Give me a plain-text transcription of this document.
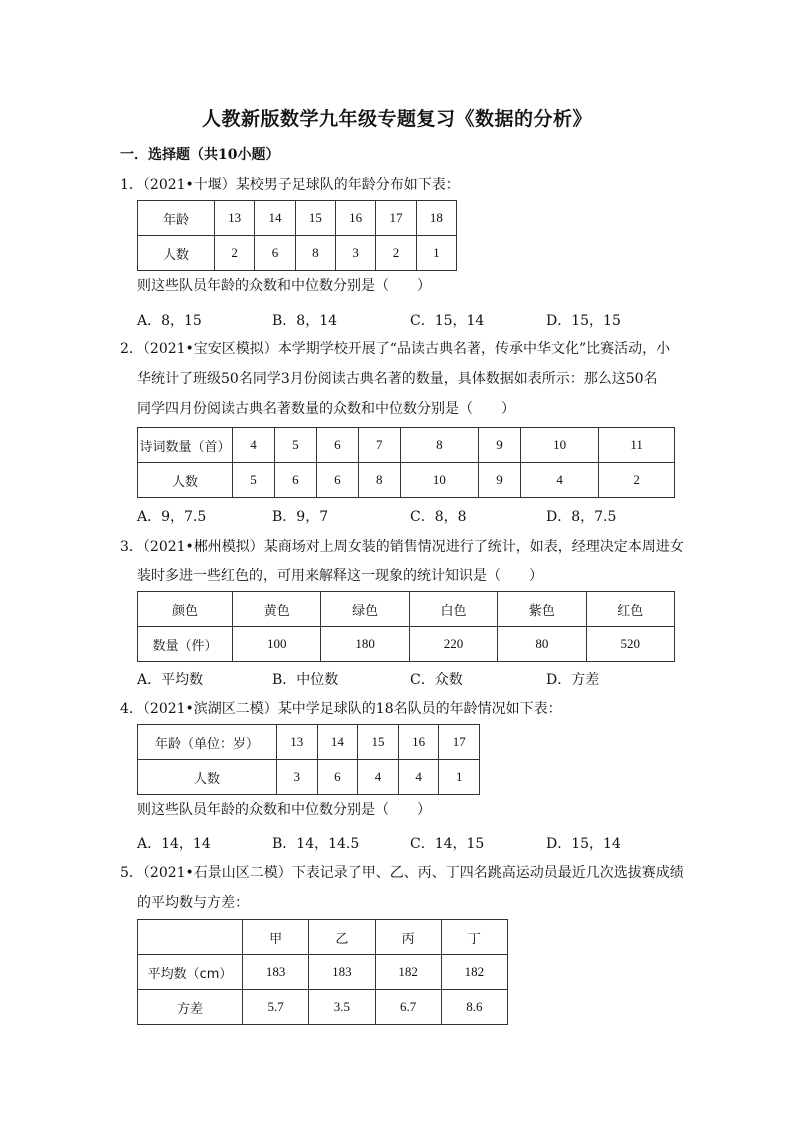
人教新版数学九年级专题复习《数据的分析》
一．选择题（共10小题）
1．（2021•十堰）某校男子足球队的年龄分布如下表：
年龄	13	14	15	16	17	18
人数	2	6	8	3	2	1
则这些队员年龄的众数和中位数分别是（　　）
A．8，15	B．8，14	C．15，14	D．15，15
2．（2021•宝安区模拟）本学期学校开展了“品读古典名著，传承中华文化”比赛活动，小
华统计了班级50名同学3月份阅读古典名著的数量，具体数据如表所示：那么这50名
同学四月份阅读古典名著数量的众数和中位数分别是（　　）
诗词数量（首）	4	5	6	7	8	9	10	11
人数	5	6	6	8	10	9	4	2
A．9，7.5	B．9，7	C．8，8	D．8，7.5
3．（2021•郴州模拟）某商场对上周女装的销售情况进行了统计，如表，经理决定本周进女
装时多进一些红色的，可用来解释这一现象的统计知识是（　　）
颜色	黄色	绿色	白色	紫色	红色
数量（件）	100	180	220	80	520
A．平均数	B．中位数	C．众数	D．方差
4．（2021•滨湖区二模）某中学足球队的18名队员的年龄情况如下表：
年龄（单位：岁）	13	14	15	16	17
人数	3	6	4	4	1
则这些队员年龄的众数和中位数分别是（　　）
A．14，14	B．14，14.5	C．14，15	D．15，14
5．（2021•石景山区二模）下表记录了甲、乙、丙、丁四名跳高运动员最近几次选拔赛成绩
的平均数与方差：
	甲	乙	丙	丁
平均数（cm）	183	183	182	182
方差	5.7	3.5	6.7	8.6
